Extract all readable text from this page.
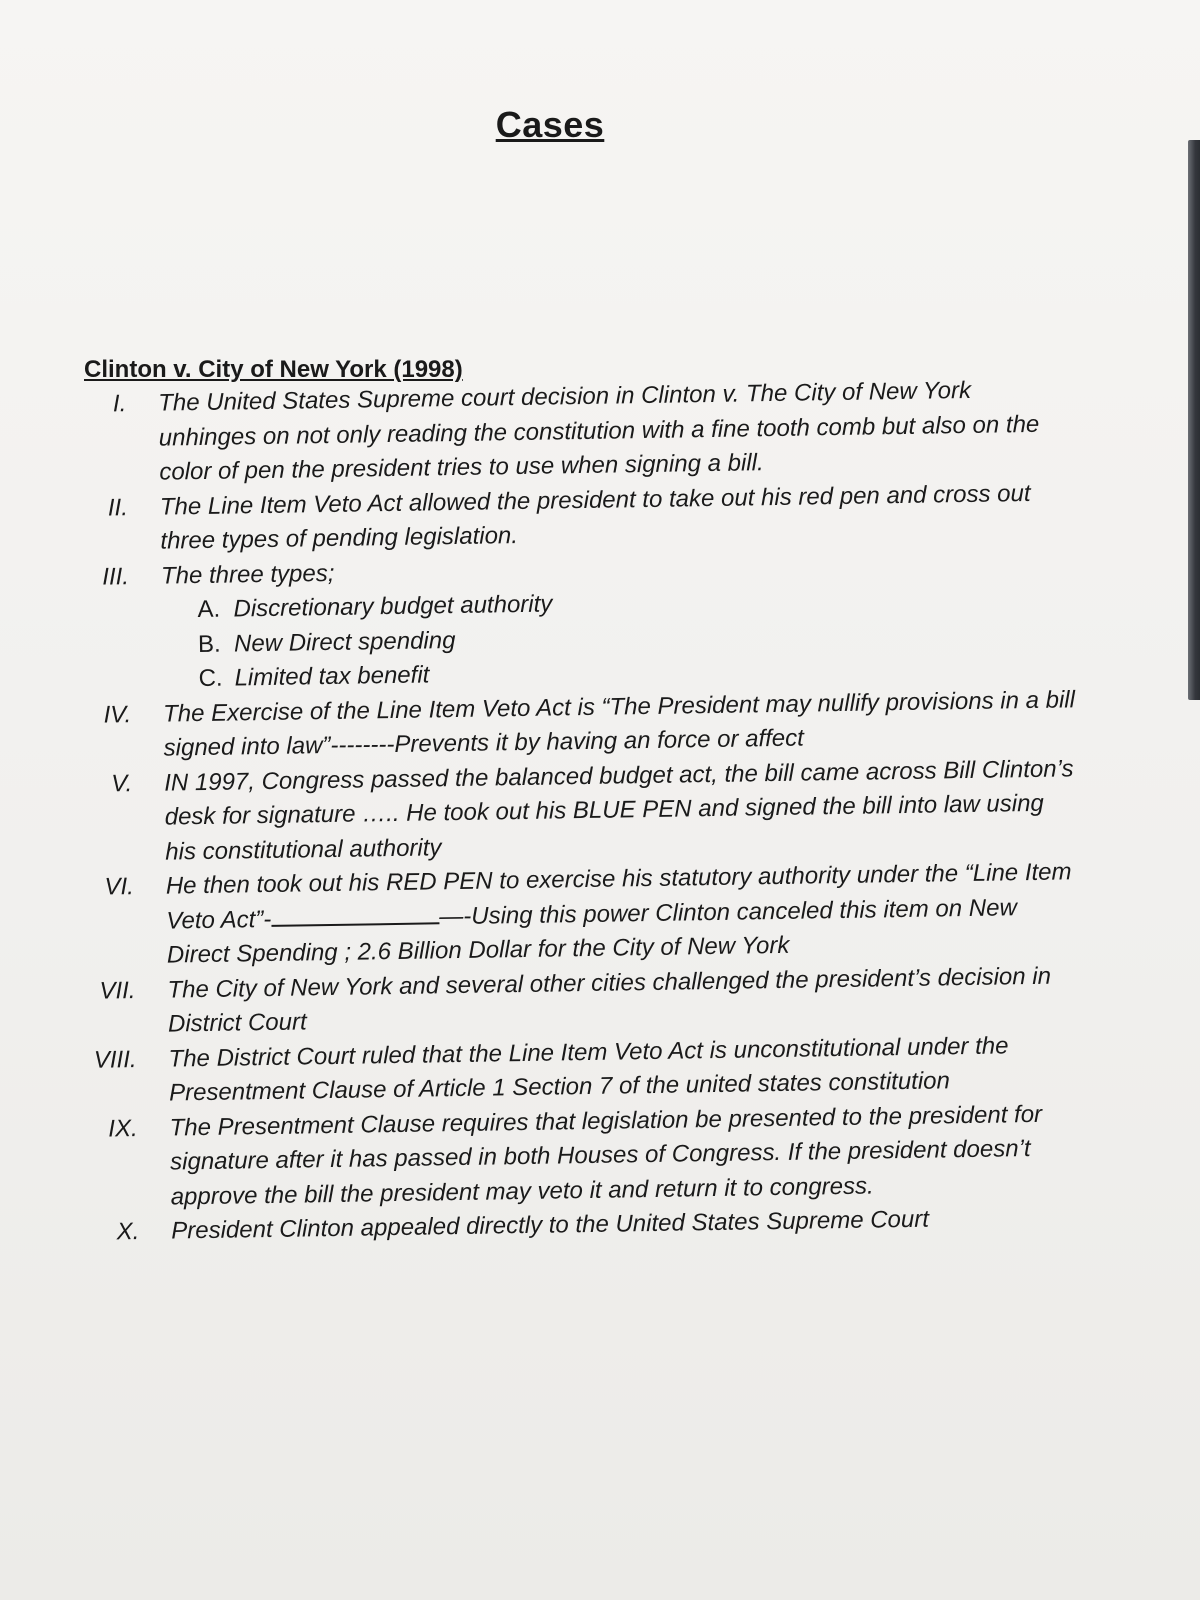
Cases
Clinton v. City of New York (1998)
I. The United States Supreme court decision in Clinton v. The City of New York unhinges on not only reading the constitution with a fine tooth comb but also on the color of pen the president tries to use when signing a bill.
II. The Line Item Veto Act allowed the president to take out his red pen and cross out three types of pending legislation.
III. The three types;
A. Discretionary budget authority
B. New Direct spending
C. Limited tax benefit
IV. The Exercise of the Line Item Veto Act is “The President may nullify provisions in a bill signed into law”--------Prevents it by having an force or affect
V. IN 1997, Congress passed the balanced budget act, the bill came across Bill Clinton’s desk for signature ….. He took out his BLUE PEN and signed the bill into law using his constitutional authority
VI. He then took out his RED PEN to exercise his statutory authority under the “Line Item Veto Act”-	—-Using this power Clinton canceled this item on New Direct Spending ; 2.6 Billion Dollar for the City of New York
VII. The City of New York and several other cities challenged the president’s decision in District Court
VIII. The District Court ruled that the Line Item Veto Act is unconstitutional under the Presentment Clause of Article 1 Section 7 of the united states constitution
IX. The Presentment Clause requires that legislation be presented to the president for signature after it has passed in both Houses of Congress. If the president doesn’t approve the bill the president may veto it and return it to congress.
X. President Clinton appealed directly to the United States Supreme Court
